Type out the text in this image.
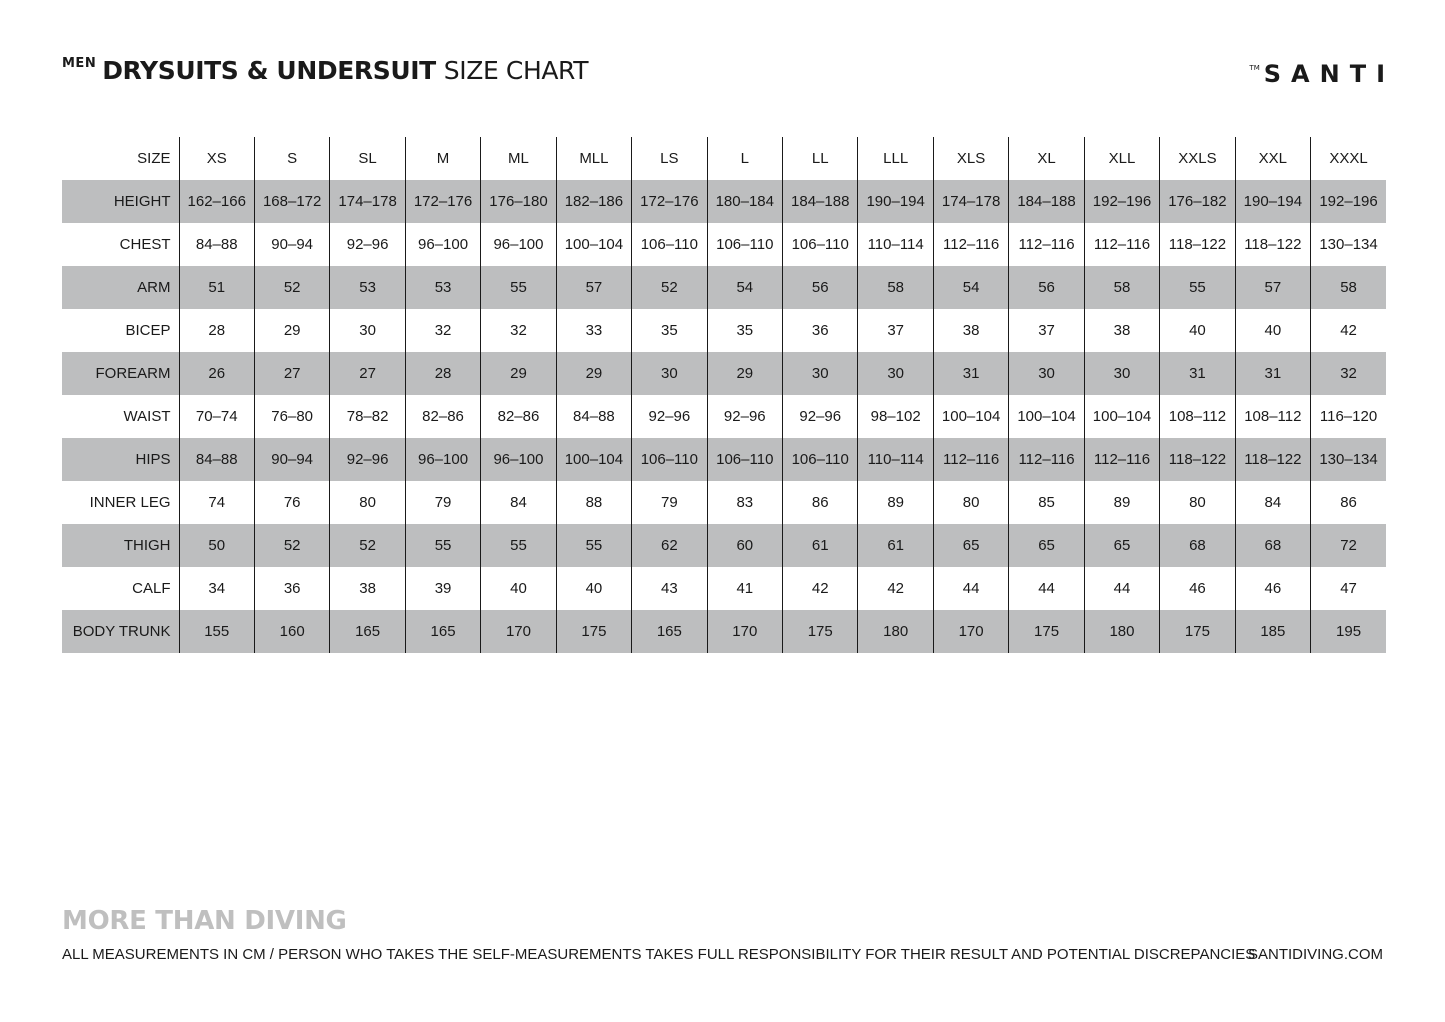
$^{MEN}$ DRYSUITS & UNDERSUIT SIZE CHART	TM SANTI
SIZE	XS	S	SL	M	ML	MLL	LS	L	LL	LLL	XLS	XL	XLL	XXLS	XXL	XXXL
HEIGHT	162–166	168–172	174–178	172–176	176–180	182–186	172–176	180–184	184–188	190–194	174–178	184–188	192–196	176–182	190–194	192–196
CHEST	84–88	90–94	92–96	96–100	96–100	100–104	106–110	106–110	106–110	110–114	112–116	112–116	112–116	118–122	118–122	130–134
ARM	51	52	53	53	55	57	52	54	56	58	54	56	58	55	57	58
BICEP	28	29	30	32	32	33	35	35	36	37	38	37	38	40	40	42
FOREARM	26	27	27	28	29	29	30	29	30	30	31	30	30	31	31	32
WAIST	70–74	76–80	78–82	82–86	82–86	84–88	92–96	92–96	92–96	98–102	100–104	100–104	100–104	108–112	108–112	116–120
HIPS	84–88	90–94	92–96	96–100	96–100	100–104	106–110	106–110	106–110	110–114	112–116	112–116	112–116	118–122	118–122	130–134
INNER LEG	74	76	80	79	84	88	79	83	86	89	80	85	89	80	84	86
THIGH	50	52	52	55	55	55	62	60	61	61	65	65	65	68	68	72
CALF	34	36	38	39	40	40	43	41	42	42	44	44	44	46	46	47
BODY TRUNK	155	160	165	165	170	175	165	170	175	180	170	175	180	175	185	195
MORE THAN DIVING
ALL MEASUREMENTS IN CM / PERSON WHO TAKES THE SELF-MEASUREMENTS TAKES FULL RESPONSIBILITY FOR THEIR RESULT AND POTENTIAL DISCREPANCIES
SANTIDIVING.COM
